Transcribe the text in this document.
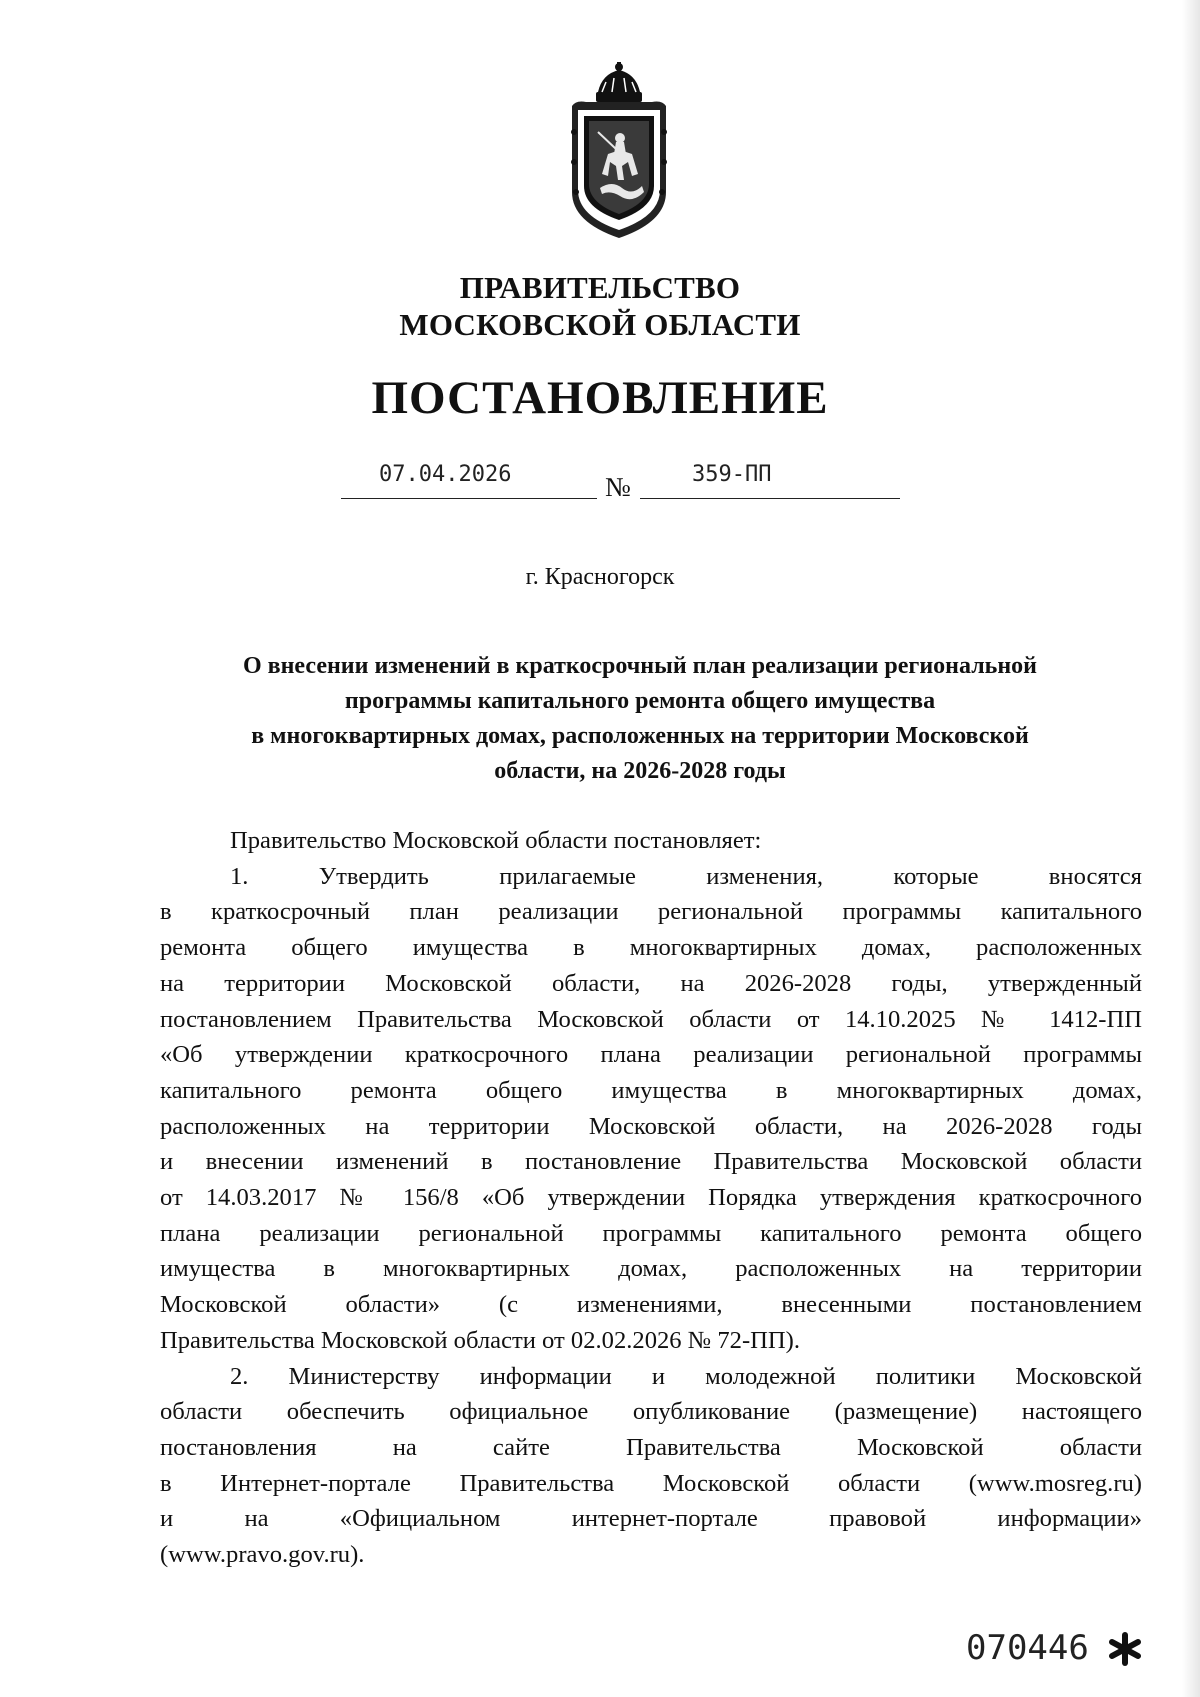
ПРАВИТЕЛЬСТВО
МОСКОВСКОЙ ОБЛАСТИ
ПОСТАНОВЛЕНИЕ
07.04.2026	№	359-ПП
г. Красногорск
О внесении изменений в краткосрочный план реализации региональной
программы капитального ремонта общего имущества
в многоквартирных домах, расположенных на территории Московской
области, на 2026-2028 годы
Правительство Московской области постановляет:
1. Утвердить прилагаемые изменения, которые вносятся
в краткосрочный план реализации региональной программы капитального
ремонта общего имущества в многоквартирных домах, расположенных
на территории Московской области, на 2026-2028 годы, утвержденный
постановлением Правительства Московской области от 14.10.2025 № 1412-ПП
«Об утверждении краткосрочного плана реализации региональной программы
капитального ремонта общего имущества в многоквартирных домах,
расположенных на территории Московской области, на 2026-2028 годы
и внесении изменений в постановление Правительства Московской области
от 14.03.2017 № 156/8 «Об утверждении Порядка утверждения краткосрочного
плана реализации региональной программы капитального ремонта общего
имущества в многоквартирных домах, расположенных на территории
Московской области» (с изменениями, внесенными постановлением
Правительства Московской области от 02.02.2026 № 72-ПП).
2. Министерству информации и молодежной политики Московской
области обеспечить официальное опубликование (размещение) настоящего
постановления на сайте Правительства Московской области
в Интернет-портале Правительства Московской области (www.mosreg.ru)
и на «Официальном интернет-портале правовой информации»
(www.pravo.gov.ru).
070446
